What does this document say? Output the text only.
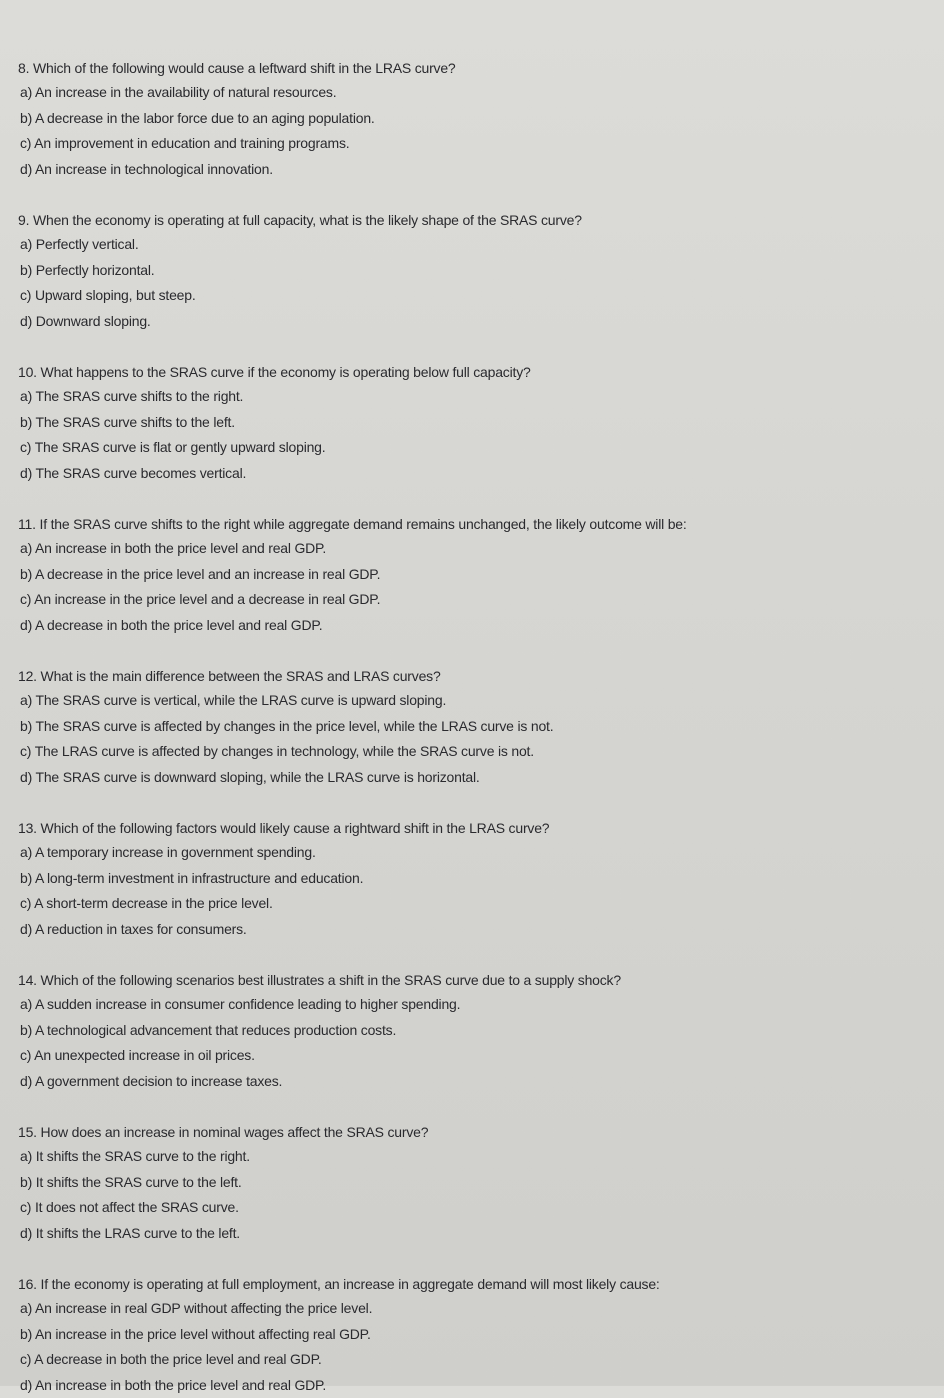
8. Which of the following would cause a leftward shift in the LRAS curve?

a) An increase in the availability of natural resources.

b) A decrease in the labor force due to an aging population.

c) An improvement in education and training programs.

d) An increase in technological innovation.

9. When the economy is operating at full capacity, what is the likely shape of the SRAS curve?

a) Perfectly vertical.

b) Perfectly horizontal.

c) Upward sloping, but steep.

d) Downward sloping.

10. What happens to the SRAS curve if the economy is operating below full capacity?

a) The SRAS curve shifts to the right.

b) The SRAS curve shifts to the left.

c) The SRAS curve is flat or gently upward sloping.

d) The SRAS curve becomes vertical.

11. If the SRAS curve shifts to the right while aggregate demand remains unchanged, the likely outcome will be:

a) An increase in both the price level and real GDP.

b) A decrease in the price level and an increase in real GDP.

c) An increase in the price level and a decrease in real GDP.

d) A decrease in both the price level and real GDP.

12. What is the main difference between the SRAS and LRAS curves?

a) The SRAS curve is vertical, while the LRAS curve is upward sloping.

b) The SRAS curve is affected by changes in the price level, while the LRAS curve is not.

c) The LRAS curve is affected by changes in technology, while the SRAS curve is not.

d) The SRAS curve is downward sloping, while the LRAS curve is horizontal.

13. Which of the following factors would likely cause a rightward shift in the LRAS curve?

a) A temporary increase in government spending.

b) A long-term investment in infrastructure and education.

c) A short-term decrease in the price level.

d) A reduction in taxes for consumers.

14. Which of the following scenarios best illustrates a shift in the SRAS curve due to a supply shock?

a) A sudden increase in consumer confidence leading to higher spending.

b) A technological advancement that reduces production costs.

c) An unexpected increase in oil prices.

d) A government decision to increase taxes.

15. How does an increase in nominal wages affect the SRAS curve?

a) It shifts the SRAS curve to the right.

b) It shifts the SRAS curve to the left.

c) It does not affect the SRAS curve.

d) It shifts the LRAS curve to the left.

16. If the economy is operating at full employment, an increase in aggregate demand will most likely cause:

a) An increase in real GDP without affecting the price level.

b) An increase in the price level without affecting real GDP.

c) A decrease in both the price level and real GDP.

d) An increase in both the price level and real GDP.
